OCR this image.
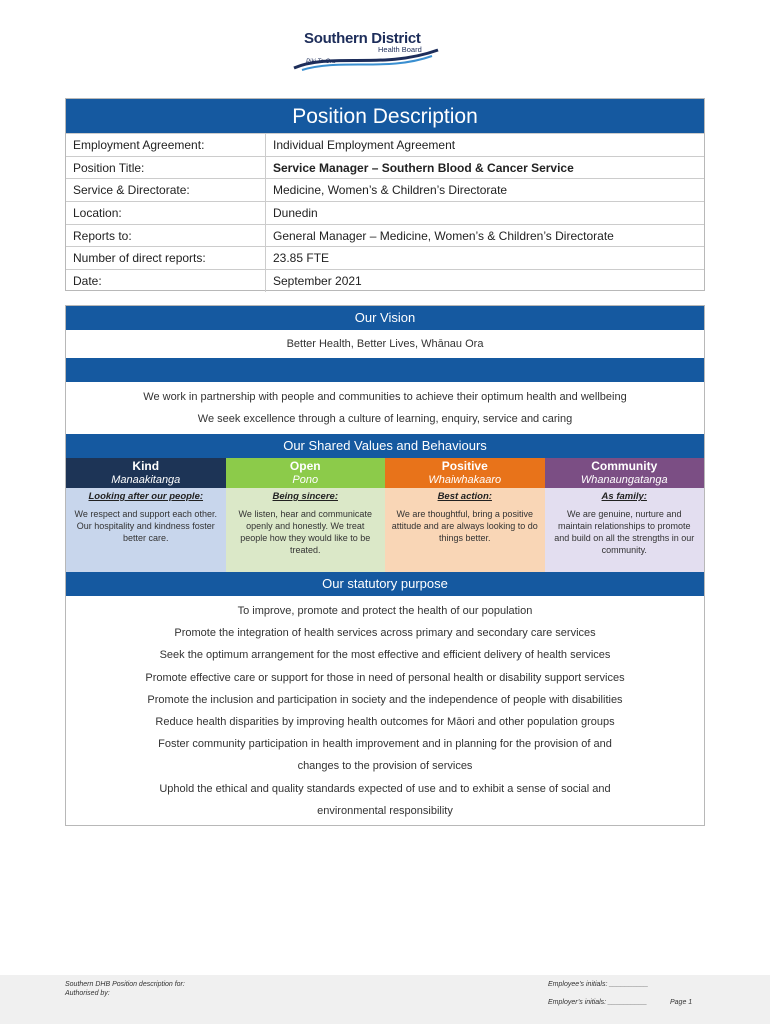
Southern District
Health Board
Piki Te Ora
Position Description
Employment Agreement:	Individual Employment Agreement
Position Title:	Service Manager – Southern Blood & Cancer Service
Service & Directorate:	Medicine, Women’s & Children’s Directorate
Location:	Dunedin
Reports to:	General Manager – Medicine, Women’s & Children’s Directorate
Number of direct reports:	23.85 FTE
Date:	September 2021
Our Vision
Better Health, Better Lives, Whānau Ora
We work in partnership with people and communities to achieve their optimum health and wellbeing
We seek excellence through a culture of learning, enquiry, service and caring
Our Shared Values and Behaviours
Kind
Manaakitanga
Looking after our people:
We respect and support each other. Our hospitality and kindness foster better care.
Open
Pono
Being sincere:
We listen, hear and communicate openly and honestly. We treat people how they would like to be treated.
Positive
Whaiwhakaaro
Best action:
We are thoughtful, bring a positive attitude and are always looking to do things better.
Community
Whanaungatanga
As family:
We are genuine, nurture and maintain relationships to promote and build on all the strengths in our community.
Our statutory purpose
To improve, promote and protect the health of our population
Promote the integration of health services across primary and secondary care services
Seek the optimum arrangement for the most effective and efficient delivery of health services
Promote effective care or support for those in need of personal health or disability support services
Promote the inclusion and participation in society and the independence of people with disabilities
Reduce health disparities by improving health outcomes for Māori and other population groups
Foster community participation in health improvement and in planning for the provision of and
changes to the provision of services
Uphold the ethical and quality standards expected of use and to exhibit a sense of social and
environmental responsibility
Southern DHB Position description for:
Authorised by:
Employee’s initials: __________
Employer’s initials: __________	Page 1
